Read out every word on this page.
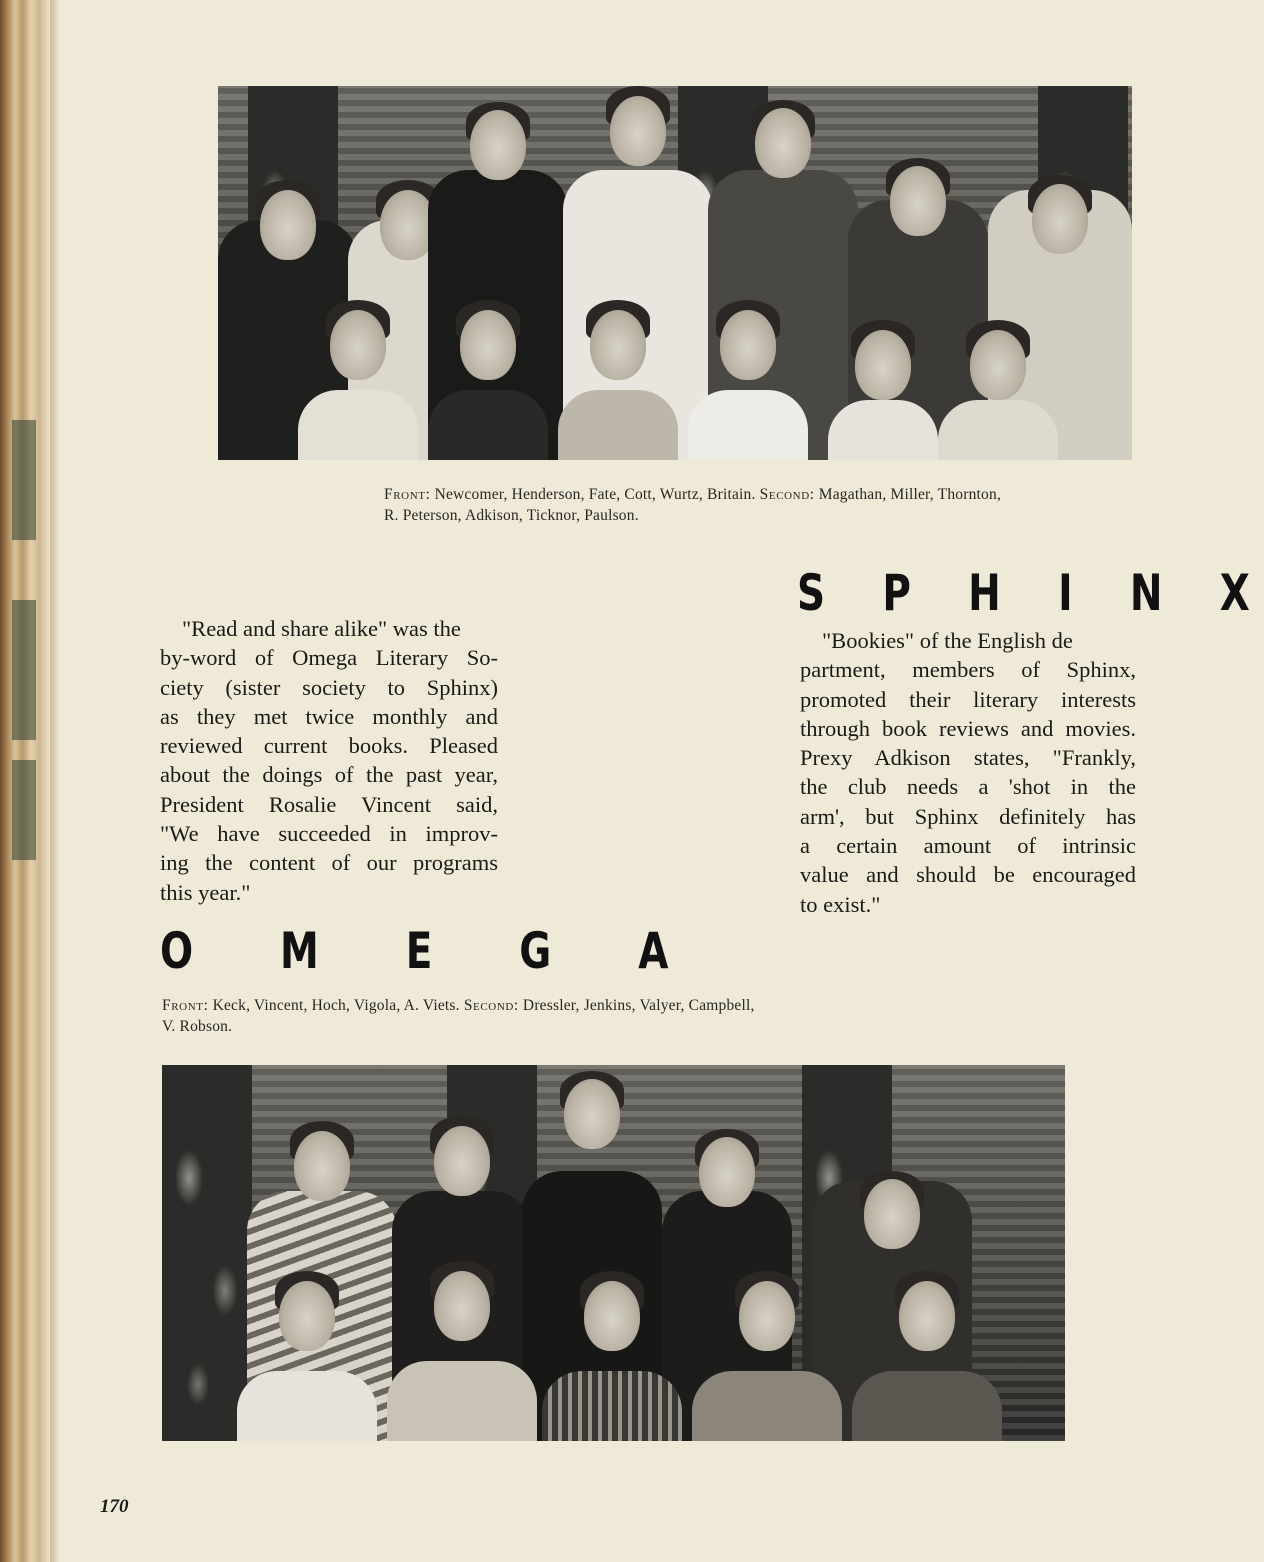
Front: Newcomer, Henderson, Fate, Cott, Wurtz, Britain. Second: Magathan, Miller, Thornton,
R. Peterson, Adkison, Ticknor, Paulson.
S P H I N X
"Bookies" of the English de
partment, members of Sphinx,
promoted their literary interests
through book reviews and movies.
Prexy Adkison states, "Frankly,
the club needs a 'shot in the
arm', but Sphinx definitely has
a certain amount of intrinsic
value and should be encouraged
to exist."
"Read and share alike" was the
by-word of Omega Literary So-
ciety (sister society to Sphinx)
as they met twice monthly and
reviewed current books. Pleased
about the doings of the past year,
President Rosalie Vincent said,
"We have succeeded in improv-
ing the content of our programs
this year."
O M E G A
Front: Keck, Vincent, Hoch, Vigola, A. Viets. Second: Dressler, Jenkins, Valyer, Campbell,
V. Robson.
170
